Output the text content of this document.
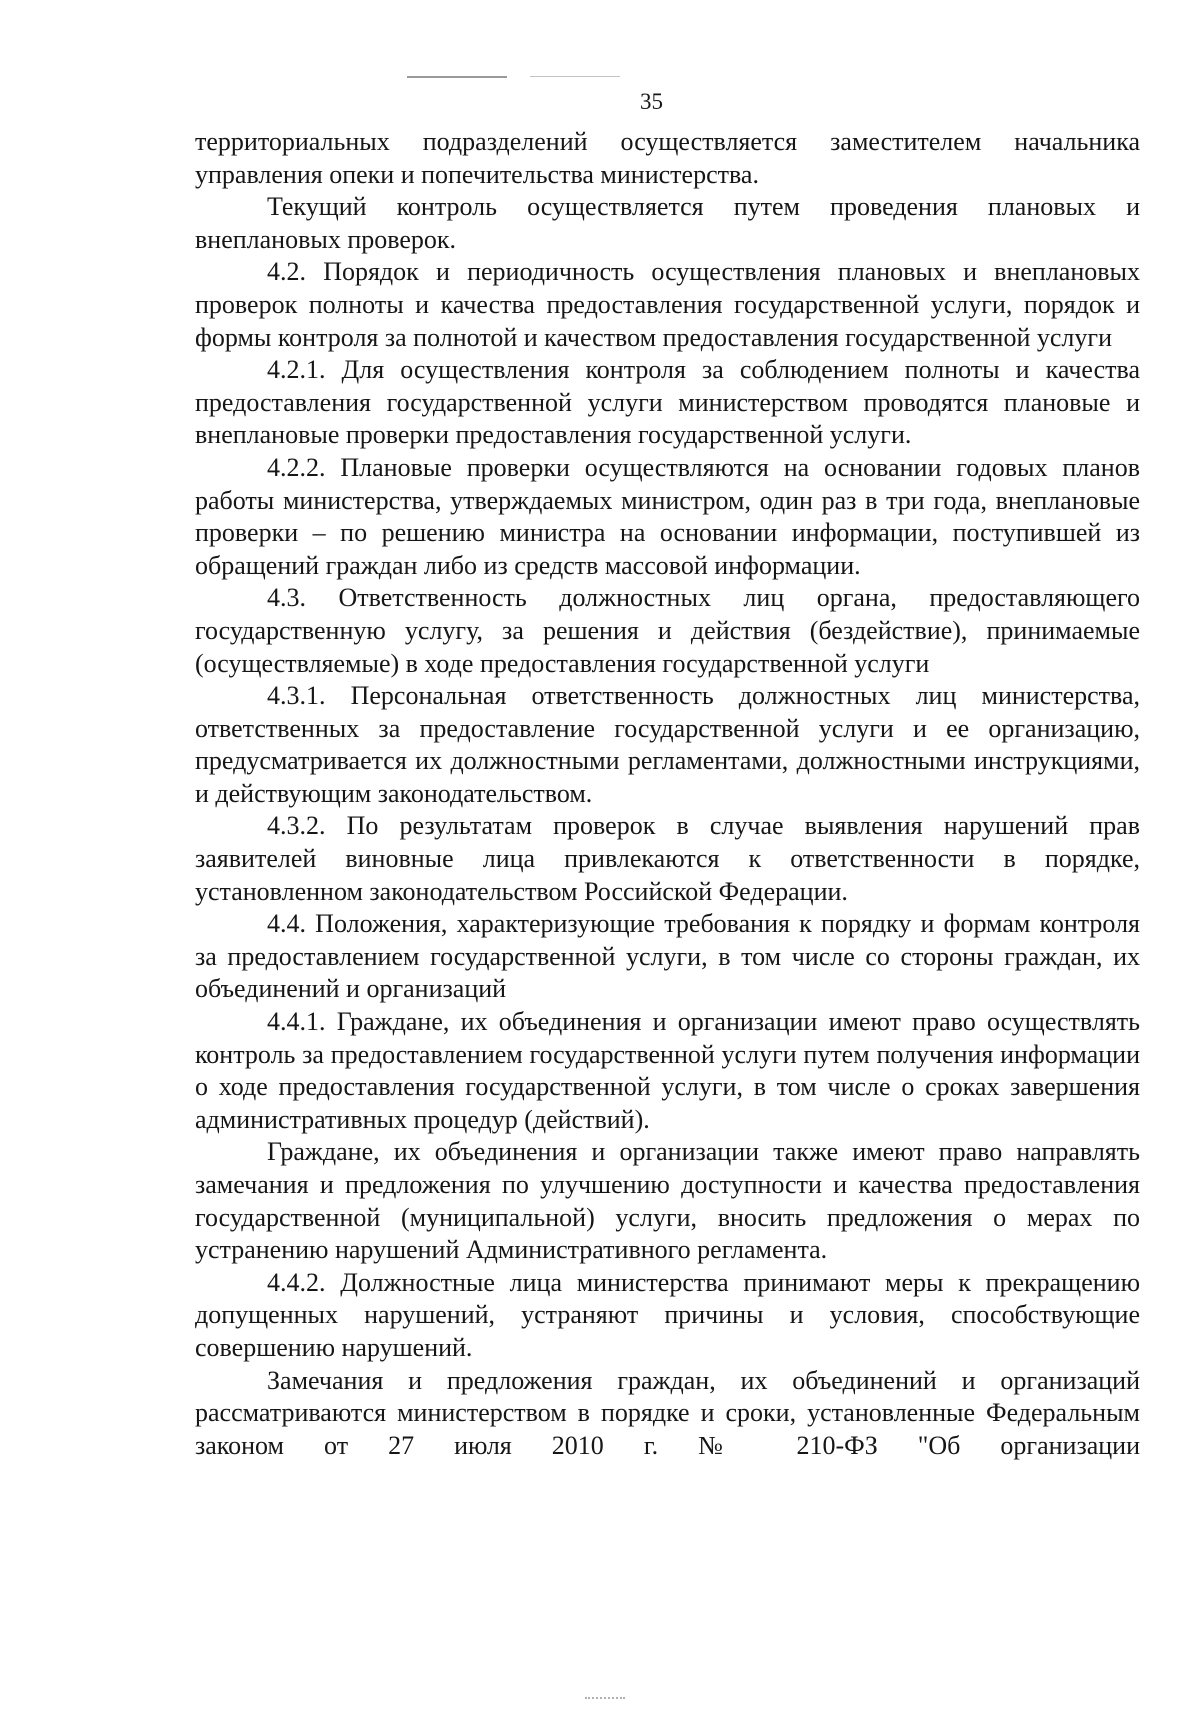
35

территориальных подразделений осуществляется заместителем начальника управления опеки и попечительства министерства.

Текущий контроль осуществляется путем проведения плановых и внеплановых проверок.

4.2. Порядок и периодичность осуществления плановых и внеплановых проверок полноты и качества предоставления государственной услуги, порядок и формы контроля за полнотой и качеством предоставления государственной услуги

4.2.1. Для осуществления контроля за соблюдением полноты и качества предоставления государственной услуги министерством проводятся плановые и внеплановые проверки предоставления государственной услуги.

4.2.2. Плановые проверки осуществляются на основании годовых планов работы министерства, утверждаемых министром, один раз в три года, внеплановые проверки – по решению министра на основании информации, поступившей из обращений граждан либо из средств массовой информации.

4.3. Ответственность должностных лиц органа, предоставляющего государственную услугу, за решения и действия (бездействие), принимаемые (осуществляемые) в ходе предоставления государственной услуги

4.3.1. Персональная ответственность должностных лиц министерства, ответственных за предоставление государственной услуги и ее организацию, предусматривается их должностными регламентами, должностными инструкциями, и действующим законодательством.

4.3.2. По результатам проверок в случае выявления нарушений прав заявителей виновные лица привлекаются к ответственности в порядке, установленном законодательством Российской Федерации.

4.4. Положения, характеризующие требования к порядку и формам контроля за предоставлением государственной услуги, в том числе со стороны граждан, их объединений и организаций

4.4.1. Граждане, их объединения и организации имеют право осуществлять контроль за предоставлением государственной услуги путем получения информации о ходе предоставления государственной услуги, в том числе о сроках завершения административных процедур (действий).

Граждане, их объединения и организации также имеют право направлять замечания и предложения по улучшению доступности и качества предоставления государственной (муниципальной) услуги, вносить предложения о мерах по устранению нарушений Административного регламента.

4.4.2. Должностные лица министерства принимают меры к прекращению допущенных нарушений, устраняют причины и условия, способствующие совершению нарушений.

Замечания и предложения граждан, их объединений и организаций рассматриваются министерством в порядке и сроки, установленные Федеральным законом от 27 июля 2010 г. № 210-ФЗ "Об организации
